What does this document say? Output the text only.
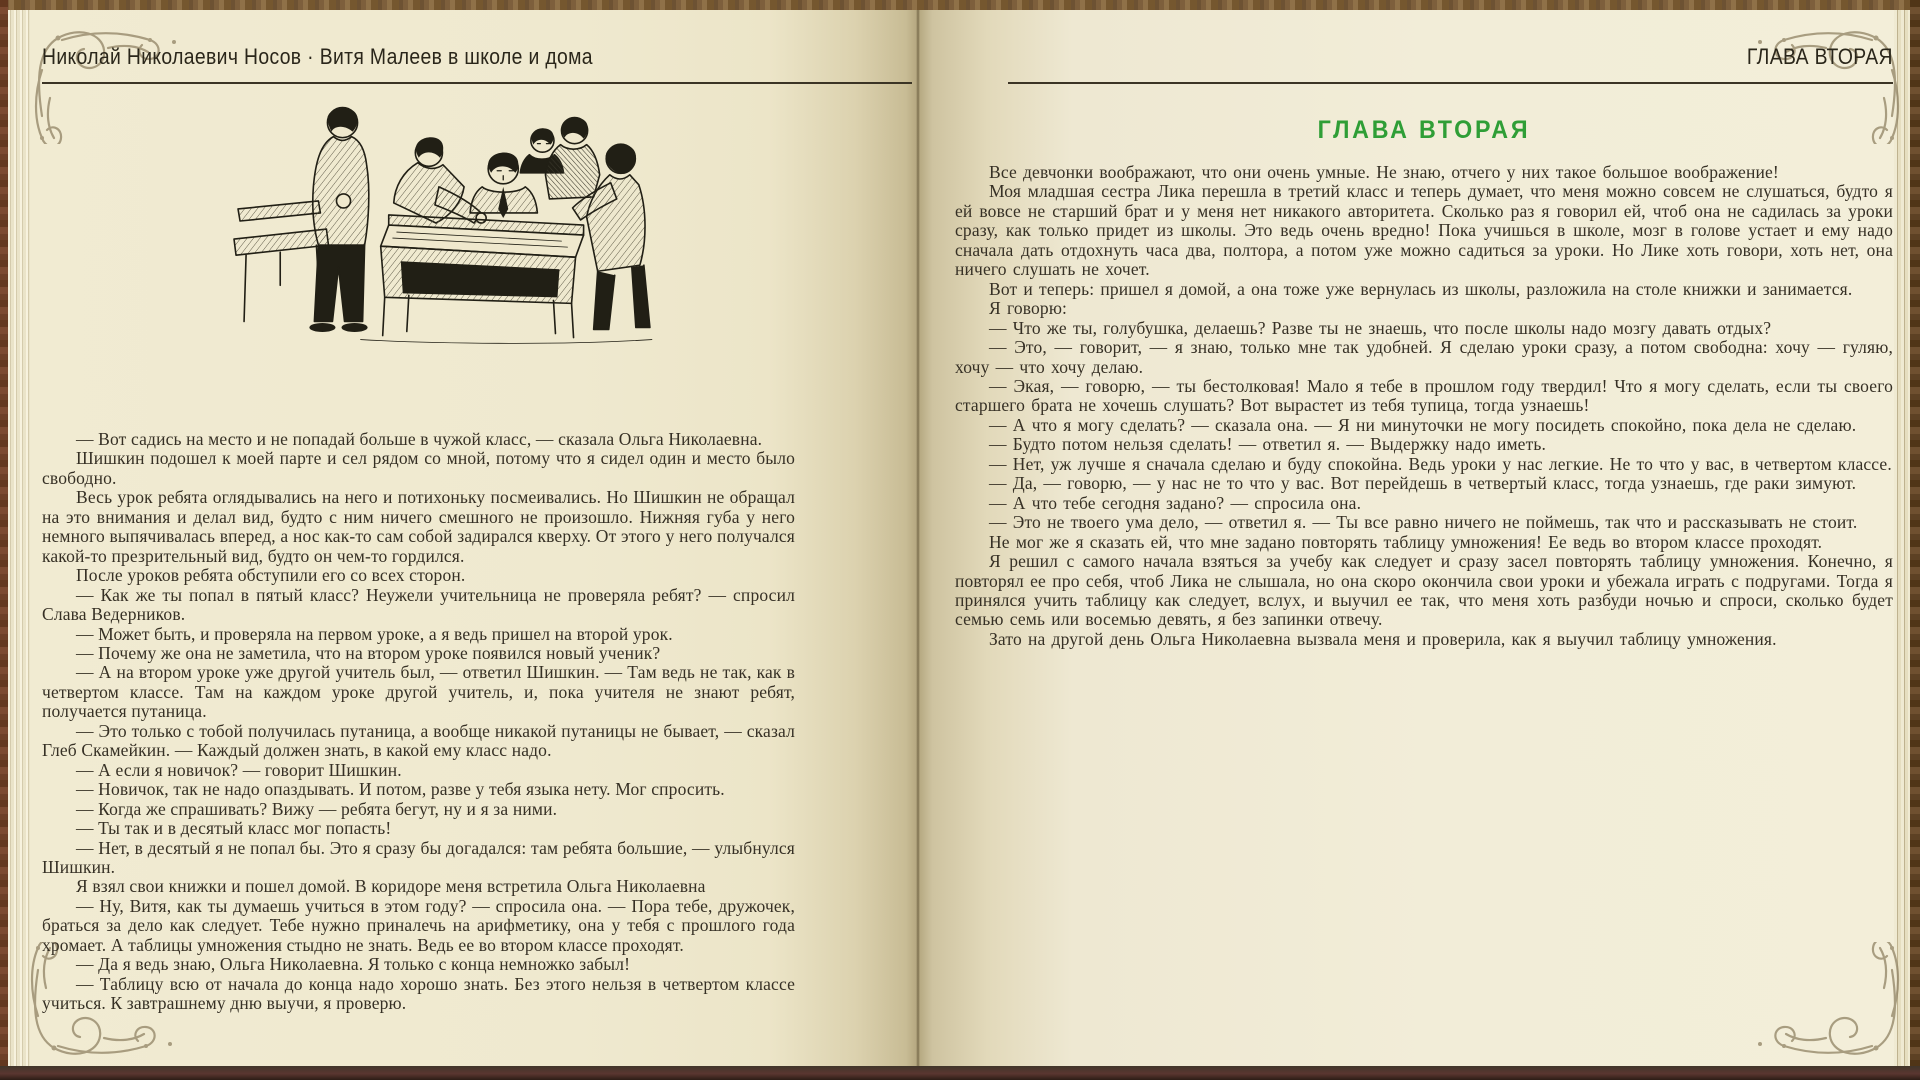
Николай Николаевич Носов · Витя Малеев в школе и дома

— Вот садись на место и не попадай больше в чужой класс, — сказала Ольга Николаевна.

Шишкин подошел к моей парте и сел рядом со мной, потому что я сидел один и место было свободно.

Весь урок ребята оглядывались на него и потихоньку посмеивались. Но Шишкин не обращал на это внимания и делал вид, будто с ним ничего смешного не произошло. Нижняя губа у него немного выпячивалась вперед, а нос как-то сам собой задирался кверху. От этого у него получался какой-то презрительный вид, будто он чем-то гордился.

После уроков ребята обступили его со всех сторон.

— Как же ты попал в пятый класс? Неужели учительница не проверяла ребят? — спросил Слава Ведерников.

— Может быть, и проверяла на первом уроке, а я ведь пришел на второй урок.

— Почему же она не заметила, что на втором уроке появился новый ученик?

— А на втором уроке уже другой учитель был, — ответил Шишкин. — Там ведь не так, как в четвертом классе. Там на каждом уроке другой учитель, и, пока учителя не знают ребят, получается путаница.

— Это только с тобой получилась путаница, а вообще никакой путаницы не бывает, — сказал Глеб Скамейкин. — Каждый должен знать, в какой ему класс надо.

— А если я новичок? — говорит Шишкин.

— Новичок, так не надо опаздывать. И потом, разве у тебя языка нету. Мог спросить.

— Когда же спрашивать? Вижу — ребята бегут, ну и я за ними.

— Ты так и в десятый класс мог попасть!

— Нет, в десятый я не попал бы. Это я сразу бы догадался: там ребята большие, — улыбнулся Шишкин.

Я взял свои книжки и пошел домой. В коридоре меня встретила Ольга Николаевна

— Ну, Витя, как ты думаешь учиться в этом году? — спросила она. — Пора тебе, дружочек, браться за дело как следует. Тебе нужно приналечь на арифметику, она у тебя с прошлого года хромает. А таблицы умножения стыдно не знать. Ведь ее во втором классе проходят.

— Да я ведь знаю, Ольга Николаевна. Я только с конца немножко забыл!

— Таблицу всю от начала до конца надо хорошо знать. Без этого нельзя в четвертом классе учиться. К завтрашнему дню выучи, я проверю.

ГЛАВА ВТОРАЯ
ГЛАВА ВТОРАЯ

Все девчонки воображают, что они очень умные. Не знаю, отчего у них такое большое воображение!

Моя младшая сестра Лика перешла в третий класс и теперь думает, что меня можно совсем не слушаться, будто я ей вовсе не старший брат и у меня нет никакого авторитета. Сколько раз я говорил ей, чтоб она не садилась за уроки сразу, как только придет из школы. Это ведь очень вредно! Пока учишься в школе, мозг в голове устает и ему надо сначала дать отдохнуть часа два, полтора, а потом уже можно садиться за уроки. Но Лике хоть говори, хоть нет, она ничего слушать не хочет.

Вот и теперь: пришел я домой, а она тоже уже вернулась из школы, разложила на столе книжки и занимается.

Я говорю:

— Что же ты, голубушка, делаешь? Разве ты не знаешь, что после школы надо мозгу давать отдых?

— Это, — говорит, — я знаю, только мне так удобней. Я сделаю уроки сразу, а потом свободна: хочу — гуляю, хочу — что хочу делаю.

— Экая, — говорю, — ты бестолковая! Мало я тебе в прошлом году твердил! Что я могу сделать, если ты своего старшего брата не хочешь слушать? Вот вырастет из тебя тупица, тогда узнаешь!

— А что я могу сделать? — сказала она. — Я ни минуточки не могу посидеть спокойно, пока дела не сделаю.

— Будто потом нельзя сделать! — ответил я. — Выдержку надо иметь.

— Нет, уж лучше я сначала сделаю и буду спокойна. Ведь уроки у нас легкие. Не то что у вас, в четвертом классе.

— Да, — говорю, — у нас не то что у вас. Вот перейдешь в четвертый класс, тогда узнаешь, где раки зимуют.

— А что тебе сегодня задано? — спросила она.

— Это не твоего ума дело, — ответил я. — Ты все равно ничего не поймешь, так что и рассказывать не стоит.

Не мог же я сказать ей, что мне задано повторять таблицу умножения! Ее ведь во втором классе проходят.

Я решил с самого начала взяться за учебу как следует и сразу засел повторять таблицу умножения. Конечно, я повторял ее про себя, чтоб Лика не слышала, но она скоро окончила свои уроки и убежала играть с подругами. Тогда я принялся учить таблицу как следует, вслух, и выучил ее так, что меня хоть разбуди ночью и спроси, сколько будет семью семь или восемью девять, я без запинки отвечу.

Зато на другой день Ольга Николаевна вызвала меня и проверила, как я выучил таблицу умножения.
